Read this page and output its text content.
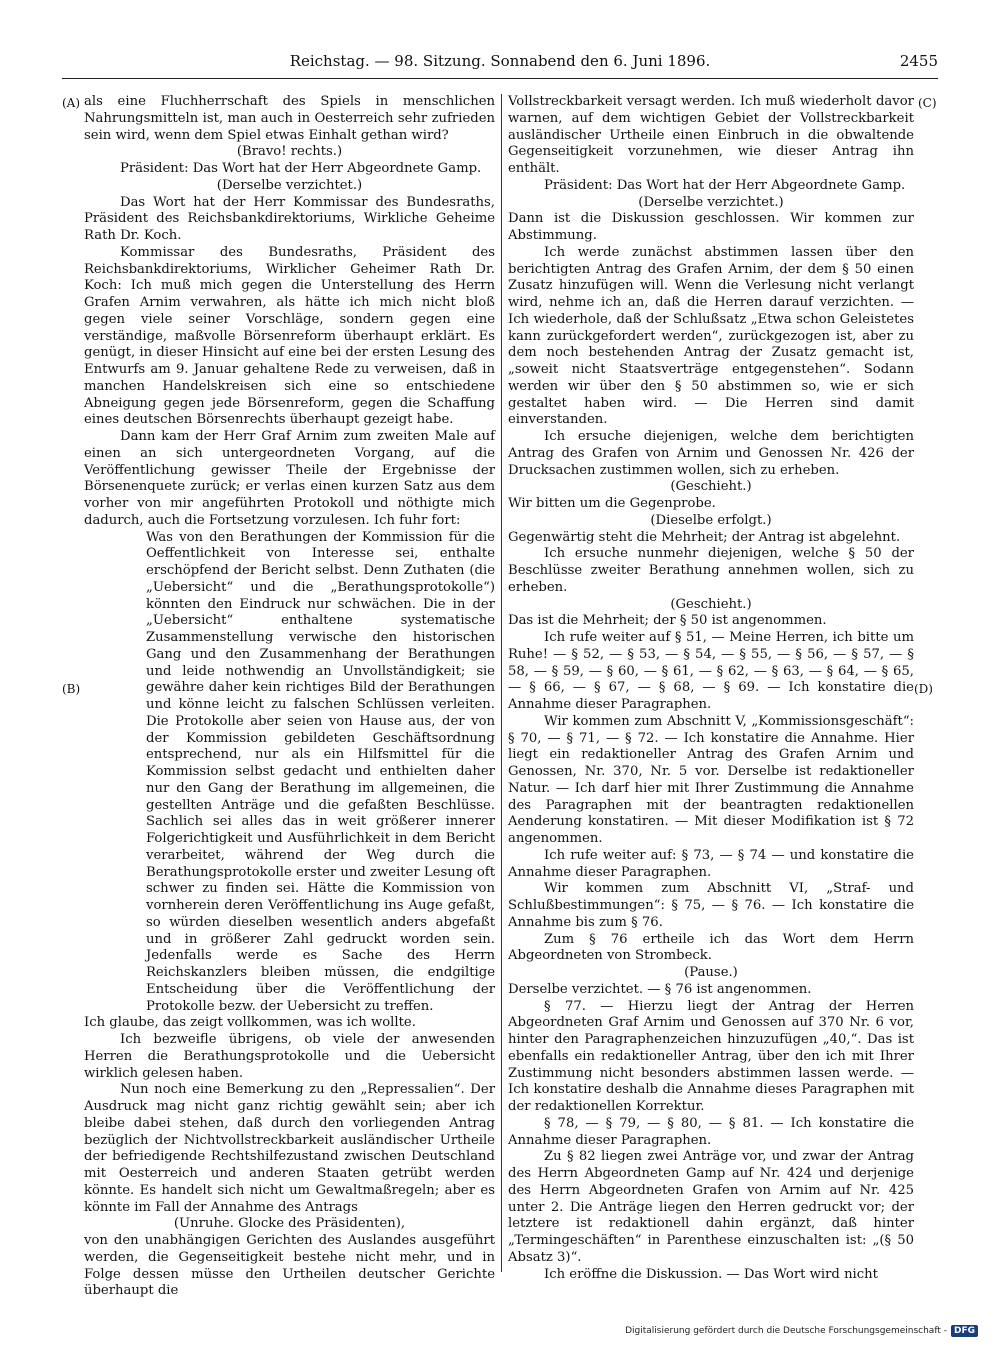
Reichstag. — 98. Sitzung. Sonnabend den 6. Juni 1896.	2455
(A)
(B)
(C)
(D)

als eine Fluchherrschaft des Spiels in menschlichen Nahrungsmitteln ist, man auch in Oesterreich sehr zufrieden sein wird, wenn dem Spiel etwas Einhalt gethan wird?

(Bravo! rechts.)

Präsident: Das Wort hat der Herr Abgeordnete Gamp.

(Derselbe verzichtet.)

Das Wort hat der Herr Kommissar des Bundesraths, Präsident des Reichsbankdirektoriums, Wirkliche Geheime Rath Dr. Koch.

Kommissar des Bundesraths, Präsident des Reichsbankdirektoriums, Wirklicher Geheimer Rath Dr. Koch: Ich muß mich gegen die Unterstellung des Herrn Grafen Arnim verwahren, als hätte ich mich nicht bloß gegen viele seiner Vorschläge, sondern gegen eine verständige, maßvolle Börsenreform überhaupt erklärt. Es genügt, in dieser Hinsicht auf eine bei der ersten Lesung des Entwurfs am 9. Januar gehaltene Rede zu verweisen, daß in manchen Handelskreisen sich eine so entschiedene Abneigung gegen jede Börsenreform, gegen die Schaffung eines deutschen Börsenrechts überhaupt gezeigt habe.

Dann kam der Herr Graf Arnim zum zweiten Male auf einen an sich untergeordneten Vorgang, auf die Veröffentlichung gewisser Theile der Ergebnisse der Börsenenquete zurück; er verlas einen kurzen Satz aus dem vorher von mir angeführten Protokoll und nöthigte mich dadurch, auch die Fortsetzung vorzulesen. Ich fuhr fort:

Was von den Berathungen der Kommission für die Oeffentlichkeit von Interesse sei, enthalte erschöpfend der Bericht selbst. Denn Zuthaten (die „Uebersicht“ und die „Berathungsprotokolle“) könnten den Eindruck nur schwächen. Die in der „Uebersicht“ enthaltene systematische Zusammenstellung verwische den historischen Gang und den Zusammenhang der Berathungen und leide nothwendig an Unvollständigkeit; sie gewähre daher kein richtiges Bild der Berathungen und könne leicht zu falschen Schlüssen verleiten. Die Protokolle aber seien von Hause aus, der von der Kommission gebildeten Geschäftsordnung entsprechend, nur als ein Hilfsmittel für die Kommission selbst gedacht und enthielten daher nur den Gang der Berathung im allgemeinen, die gestellten Anträge und die gefaßten Beschlüsse. Sachlich sei alles das in weit größerer innerer Folgerichtigkeit und Ausführlichkeit in dem Bericht verarbeitet, während der Weg durch die Berathungsprotokolle erster und zweiter Lesung oft schwer zu finden sei. Hätte die Kommission von vornherein deren Veröffentlichung ins Auge gefaßt, so würden dieselben wesentlich anders abgefaßt und in größerer Zahl gedruckt worden sein. Jedenfalls werde es Sache des Herrn Reichskanzlers bleiben müssen, die endgiltige Entscheidung über die Veröffentlichung der Protokolle bezw. der Uebersicht zu treffen.

Ich glaube, das zeigt vollkommen, was ich wollte.

Ich bezweifle übrigens, ob viele der anwesenden Herren die Berathungsprotokolle und die Uebersicht wirklich gelesen haben.

Nun noch eine Bemerkung zu den „Repressalien“. Der Ausdruck mag nicht ganz richtig gewählt sein; aber ich bleibe dabei stehen, daß durch den vorliegenden Antrag bezüglich der Nichtvollstreckbarkeit ausländischer Urtheile der befriedigende Rechtshilfezustand zwischen Deutschland mit Oesterreich und anderen Staaten getrübt werden könnte. Es handelt sich nicht um Gewaltmaßregeln; aber es könnte im Fall der Annahme des Antrags

(Unruhe. Glocke des Präsidenten),

von den unabhängigen Gerichten des Auslandes ausgeführt werden, die Gegenseitigkeit bestehe nicht mehr, und in Folge dessen müsse den Urtheilen deutscher Gerichte überhaupt die

Vollstreckbarkeit versagt werden. Ich muß wiederholt davor warnen, auf dem wichtigen Gebiet der Vollstreckbarkeit ausländischer Urtheile einen Einbruch in die obwaltende Gegenseitigkeit vorzunehmen, wie dieser Antrag ihn enthält.

Präsident: Das Wort hat der Herr Abgeordnete Gamp.

(Derselbe verzichtet.)

Dann ist die Diskussion geschlossen. Wir kommen zur Abstimmung.

Ich werde zunächst abstimmen lassen über den berichtigten Antrag des Grafen Arnim, der dem § 50 einen Zusatz hinzufügen will. Wenn die Verlesung nicht verlangt wird, nehme ich an, daß die Herren darauf verzichten. — Ich wiederhole, daß der Schlußsatz „Etwa schon Geleistetes kann zurückgefordert werden“, zurückgezogen ist, aber zu dem noch bestehenden Antrag der Zusatz gemacht ist, „soweit nicht Staatsverträge entgegenstehen“. Sodann werden wir über den § 50 abstimmen so, wie er sich gestaltet haben wird. — Die Herren sind damit einverstanden.

Ich ersuche diejenigen, welche dem berichtigten Antrag des Grafen von Arnim und Genossen Nr. 426 der Drucksachen zustimmen wollen, sich zu erheben.

(Geschieht.)

Wir bitten um die Gegenprobe.

(Dieselbe erfolgt.)

Gegenwärtig steht die Mehrheit; der Antrag ist abgelehnt.

Ich ersuche nunmehr diejenigen, welche § 50 der Beschlüsse zweiter Berathung annehmen wollen, sich zu erheben.

(Geschieht.)

Das ist die Mehrheit; der § 50 ist angenommen.

Ich rufe weiter auf § 51, — Meine Herren, ich bitte um Ruhe! — § 52, — § 53, — § 54, — § 55, — § 56, — § 57, — § 58, — § 59, — § 60, — § 61, — § 62, — § 63, — § 64, — § 65, — § 66, — § 67, — § 68, — § 69. — Ich konstatire die Annahme dieser Paragraphen.

Wir kommen zum Abschnitt V, „Kommissionsgeschäft“: § 70, — § 71, — § 72. — Ich konstatire die Annahme. Hier liegt ein redaktioneller Antrag des Grafen Arnim und Genossen, Nr. 370, Nr. 5 vor. Derselbe ist redaktioneller Natur. — Ich darf hier mit Ihrer Zustimmung die Annahme des Paragraphen mit der beantragten redaktionellen Aenderung konstatiren. — Mit dieser Modifikation ist § 72 angenommen.

Ich rufe weiter auf: § 73, — § 74 — und konstatire die Annahme dieser Paragraphen.

Wir kommen zum Abschnitt VI, „Straf- und Schlußbestimmungen“: § 75, — § 76. — Ich konstatire die Annahme bis zum § 76.

Zum § 76 ertheile ich das Wort dem Herrn Abgeordneten von Strombeck.

(Pause.)

Derselbe verzichtet. — § 76 ist angenommen.

§ 77. — Hierzu liegt der Antrag der Herren Abgeordneten Graf Arnim und Genossen auf 370 Nr. 6 vor, hinter den Paragraphenzeichen hinzuzufügen „40,“. Das ist ebenfalls ein redaktioneller Antrag, über den ich mit Ihrer Zustimmung nicht besonders abstimmen lassen werde. — Ich konstatire deshalb die Annahme dieses Paragraphen mit der redaktionellen Korrektur.

§ 78, — § 79, — § 80, — § 81. — Ich konstatire die Annahme dieser Paragraphen.

Zu § 82 liegen zwei Anträge vor, und zwar der Antrag des Herrn Abgeordneten Gamp auf Nr. 424 und derjenige des Herrn Abgeordneten Grafen von Arnim auf Nr. 425 unter 2. Die Anträge liegen den Herren gedruckt vor; der letztere ist redaktionell dahin ergänzt, daß hinter „Termingeschäften“ in Parenthese einzuschalten ist: „(§ 50 Absatz 3)“.

Ich eröffne die Diskussion. — Das Wort wird nicht

Digitalisierung gefördert durch die Deutsche Forschungsgemeinschaft - DFG
